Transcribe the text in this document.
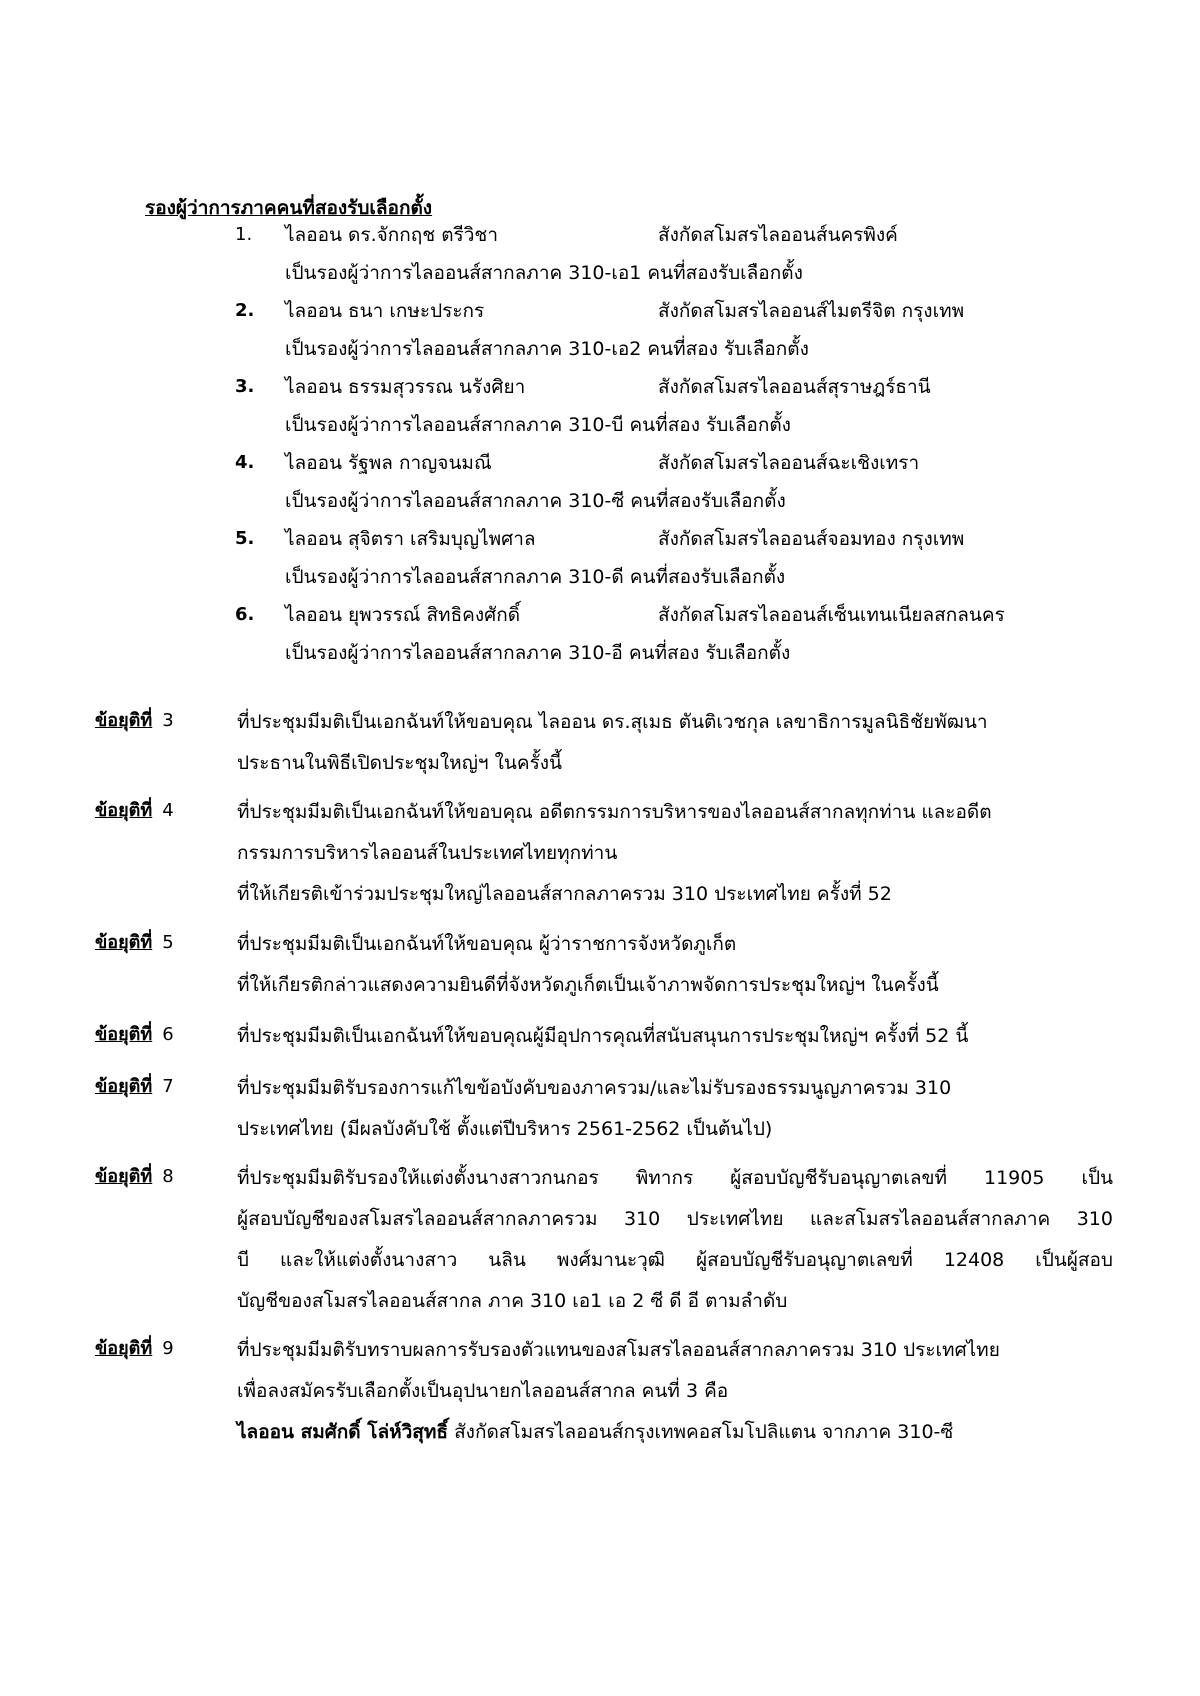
รองผู้ว่าการภาคคนที่สองรับเลือกตั้ง
1.	ไลออน ดร.จักกฤช ตรีวิชา	สังกัดสโมสรไลออนส์นครพิงค์
เป็นรองผู้ว่าการไลออนส์สากลภาค 310-เอ1 คนที่สองรับเลือกตั้ง
2.	ไลออน ธนา เกษะประกร	สังกัดสโมสรไลออนส์ไมตรีจิต กรุงเทพ
เป็นรองผู้ว่าการไลออนส์สากลภาค 310-เอ2 คนที่สอง รับเลือกตั้ง
3.	ไลออน ธรรมสุวรรณ นรังศิยา	สังกัดสโมสรไลออนส์สุราษฎร์ธานี
เป็นรองผู้ว่าการไลออนส์สากลภาค 310-บี คนที่สอง รับเลือกตั้ง
4.	ไลออน รัฐพล กาญจนมณี	สังกัดสโมสรไลออนส์ฉะเชิงเทรา
เป็นรองผู้ว่าการไลออนส์สากลภาค 310-ซี คนที่สองรับเลือกตั้ง
5.	ไลออน สุจิตรา เสริมบุญไพศาล	สังกัดสโมสรไลออนส์จอมทอง กรุงเทพ
เป็นรองผู้ว่าการไลออนส์สากลภาค 310-ดี คนที่สองรับเลือกตั้ง
6.	ไลออน ยุพวรรณ์ สิทธิคงศักดิ์	สังกัดสโมสรไลออนส์เซ็นเทนเนียลสกลนคร
เป็นรองผู้ว่าการไลออนส์สากลภาค 310-อี คนที่สอง รับเลือกตั้ง
ข้อยุติที่ 3	ที่ประชุมมีมติเป็นเอกฉันท์ให้ขอบคุณ ไลออน ดร.สุเมธ ตันติเวชกุล เลขาธิการมูลนิธิชัยพัฒนา
ประธานในพิธีเปิดประชุมใหญ่ฯ ในครั้งนี้
ข้อยุติที่ 4	ที่ประชุมมีมติเป็นเอกฉันท์ให้ขอบคุณ อดีตกรรมการบริหารของไลออนส์สากลทุกท่าน และอดีต
กรรมการบริหารไลออนส์ในประเทศไทยทุกท่าน
ที่ให้เกียรติเข้าร่วมประชุมใหญ่ไลออนส์สากลภาครวม 310 ประเทศไทย ครั้งที่ 52
ข้อยุติที่ 5	ที่ประชุมมีมติเป็นเอกฉันท์ให้ขอบคุณ ผู้ว่าราชการจังหวัดภูเก็ต
ที่ให้เกียรติกล่าวแสดงความยินดีที่จังหวัดภูเก็ตเป็นเจ้าภาพจัดการประชุมใหญ่ฯ ในครั้งนี้
ข้อยุติที่ 6	ที่ประชุมมีมติเป็นเอกฉันท์ให้ขอบคุณผู้มีอุปการคุณที่สนับสนุนการประชุมใหญ่ฯ ครั้งที่ 52 นี้
ข้อยุติที่ 7	ที่ประชุมมีมติรับรองการแก้ไขข้อบังคับของภาครวม/และไม่รับรองธรรมนูญภาครวม 310
ประเทศไทย (มีผลบังคับใช้ ตั้งแต่ปีบริหาร 2561-2562 เป็นต้นไป)
ข้อยุติที่ 8	ที่ประชุมมีมติรับรองให้แต่งตั้งนางสาวกนกอร พิทากร ผู้สอบบัญชีรับอนุญาตเลขที่ 11905 เป็น
ผู้สอบบัญชีของสโมสรไลออนส์สากลภาครวม 310 ประเทศไทย และสโมสรไลออนส์สากลภาค 310
บี และให้แต่งตั้งนางสาว นลิน พงศ์มานะวุฒิ ผู้สอบบัญชีรับอนุญาตเลขที่ 12408 เป็นผู้สอบ
บัญชีของสโมสรไลออนส์สากล ภาค 310 เอ1 เอ 2 ซี ดี อี ตามลำดับ
ข้อยุติที่ 9	ที่ประชุมมีมติรับทราบผลการรับรองตัวแทนของสโมสรไลออนส์สากลภาครวม 310 ประเทศไทย
เพื่อลงสมัครรับเลือกตั้งเป็นอุปนายกไลออนส์สากล คนที่ 3 คือ
ไลออน สมศักดิ์ โล่ห์วิสุทธิ์ สังกัดสโมสรไลออนส์กรุงเทพคอสโมโปลิแตน จากภาค 310-ซี
